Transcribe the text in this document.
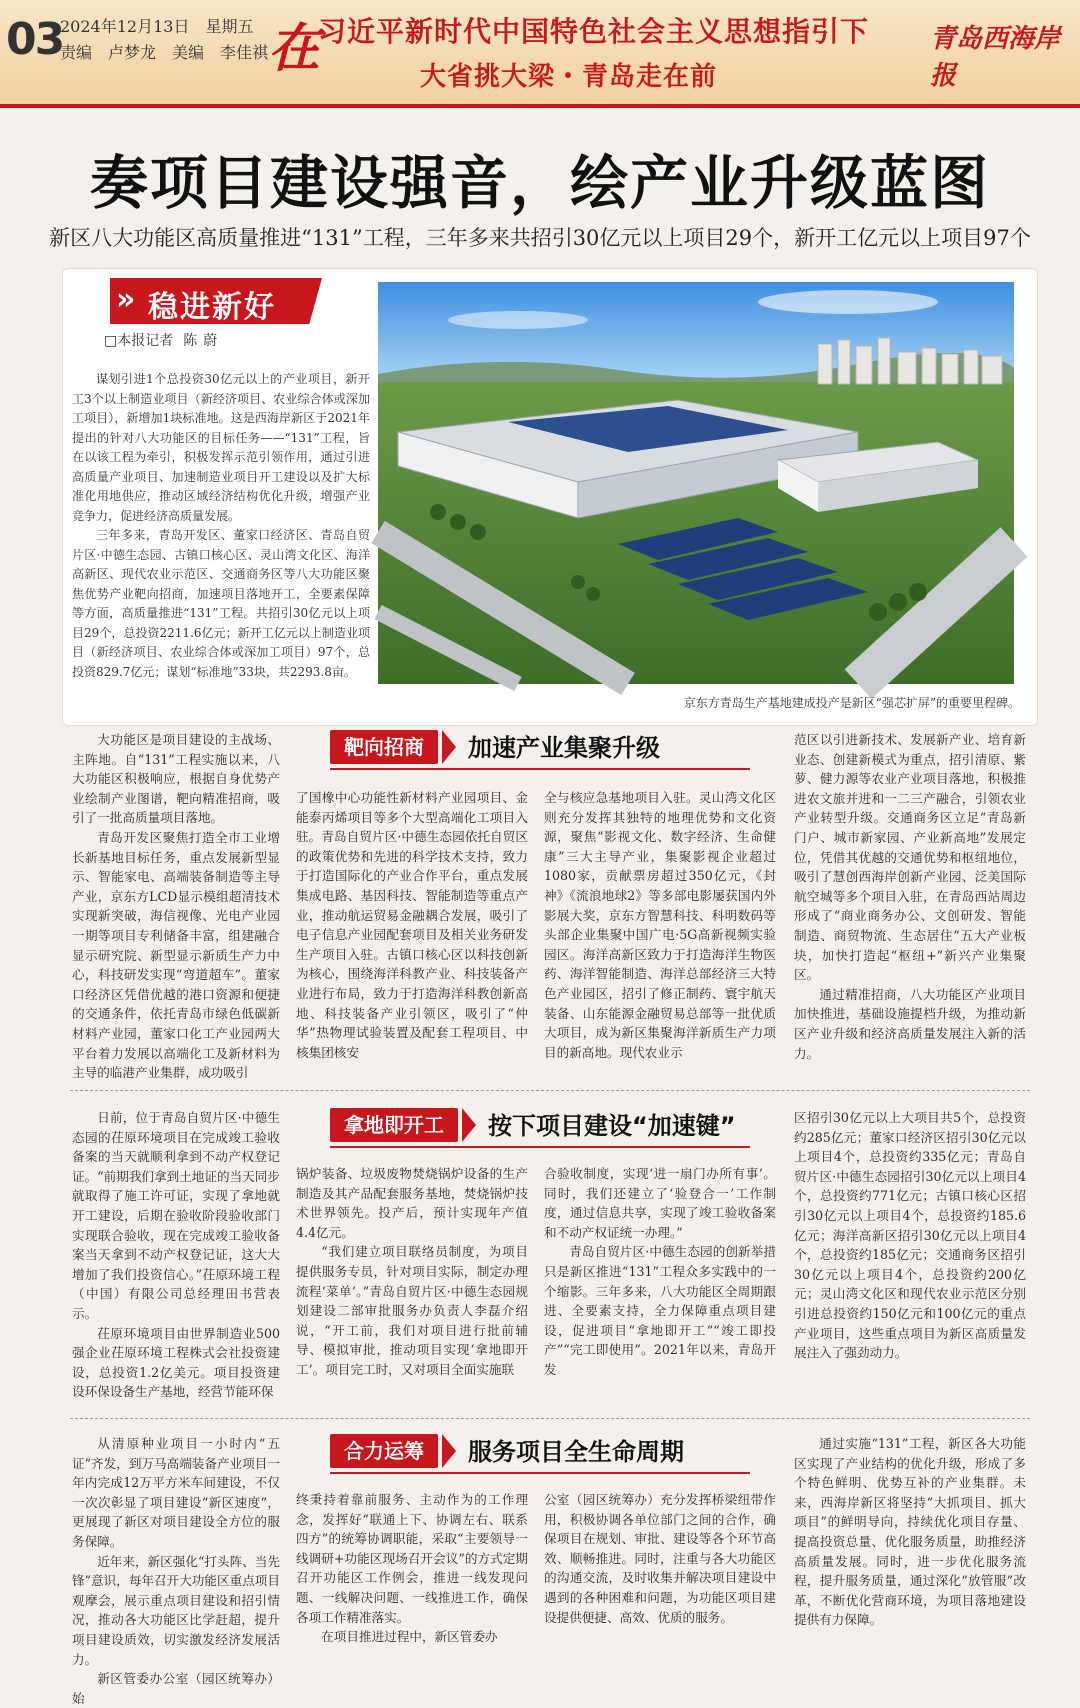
03
2024年12月13日　星期五
责编　卢梦龙　美编　李佳祺 在
习近平新时代中国特色社会主义思想指引下
大省挑大梁・青岛走在前
青岛西海岸报
奏项目建设强音，绘产业升级蓝图
新区八大功能区高质量推进“131”工程，三年多来共招引30亿元以上项目29个，新开工亿元以上项目97个
» 稳进新好
□本报记者 陈蔚

谋划引进1个总投资30亿元以上的产业项目，新开工3个以上制造业项目（新经济项目、农业综合体或深加工项目），新增加1块标准地。这是西海岸新区于2021年提出的针对八大功能区的目标任务——“131”工程，旨在以该工程为牵引，积极发挥示范引领作用，通过引进高质量产业项目、加速制造业项目开工建设以及扩大标准化用地供应，推动区域经济结构优化升级，增强产业竞争力，促进经济高质量发展。

三年多来，青岛开发区、董家口经济区、青岛自贸片区·中德生态园、古镇口核心区、灵山湾文化区、海洋高新区、现代农业示范区、交通商务区等八大功能区聚焦优势产业靶向招商，加速项目落地开工，全要素保障等方面，高质量推进“131”工程。共招引30亿元以上项目29个，总投资2211.6亿元；新开工亿元以上制造业项目（新经济项目、农业综合体或深加工项目）97个，总投资829.7亿元；谋划“标准地”33块，共2293.8亩。

京东方青岛生产基地建成投产是新区“强芯扩屏”的重要里程碑。
靶向招商	加速产业集聚升级

大功能区是项目建设的主战场、主阵地。自“131”工程实施以来，八大功能区积极响应，根据自身优势产业绘制产业图谱，靶向精准招商，吸引了一批高质量项目落地。

青岛开发区聚焦打造全市工业增长新基地目标任务，重点发展新型显示、智能家电、高端装备制造等主导产业，京东方LCD显示模组超清技术实现新突破，海信视像、光电产业园一期等项目专利储备丰富，组建融合显示研究院、新型显示新质生产力中心，科技研发实现“弯道超车”。董家口经济区凭借优越的港口资源和便捷的交通条件，依托青岛市绿色低碳新材料产业园，董家口化工产业园两大平台着力发展以高端化工及新材料为主导的临港产业集群，成功吸引

了国橡中心功能性新材料产业园项目、金能泰丙烯项目等多个大型高端化工项目入驻。青岛自贸片区·中德生态园依托自贸区的政策优势和先进的科学技术支持，致力于打造国际化的产业合作平台，重点发展集成电路、基因科技、智能制造等重点产业，推动航运贸易金融耦合发展，吸引了电子信息产业园配套项目及相关业务研发生产项目入驻。古镇口核心区以科技创新为核心，围绕海洋科教产业、科技装备产业进行布局，致力于打造海洋科教创新高地、科技装备产业引领区，吸引了“仲华”热物理试验装置及配套工程项目、中核集团核安

全与核应急基地项目入驻。灵山湾文化区则充分发挥其独特的地理优势和文化资源，聚焦“影视文化、数字经济、生命健康”三大主导产业，集聚影视企业超过1080家，贡献票房超过350亿元，《封神》《流浪地球2》等多部电影屡获国内外影展大奖，京东方智慧科技、科明数码等头部企业集聚中国广电·5G高新视频实验园区。海洋高新区致力于打造海洋生物医药、海洋智能制造、海洋总部经济三大特色产业园区，招引了修正制药、寰宇航天装备、山东能源金融贸易总部等一批优质大项目，成为新区集聚海洋新质生产力项目的新高地。现代农业示

范区以引进新技术、发展新产业、培育新业态、创建新模式为重点，招引清原、紫萝、健力源等农业产业项目落地，积极推进农文旅并进和一二三产融合，引领农业产业转型升级。交通商务区立足“青岛新门户、城市新家园、产业新高地”发展定位，凭借其优越的交通优势和枢纽地位，吸引了慧创西海岸创新产业园、泛美国际航空城等多个项目入驻，在青岛西站周边形成了“商业商务办公、文创研发、智能制造、商贸物流、生态居住”五大产业板块，加快打造起“枢纽+”新兴产业集聚区。

通过精准招商，八大功能区产业项目加快推进，基础设施提档升级，为推动新区产业升级和经济高质量发展注入新的活力。

拿地即开工	按下项目建设“加速键”

日前，位于青岛自贸片区·中德生态园的茌原环境项目在完成竣工验收备案的当天就顺利拿到不动产权登记证。“前期我们拿到土地证的当天同步就取得了施工许可证，实现了拿地就开工建设，后期在验收阶段验收部门实现联合验收，现在完成竣工验收备案当天拿到不动产权登记证，这大大增加了我们投资信心。”茌原环境工程（中国）有限公司总经理田书营表示。

茌原环境项目由世界制造业500强企业茌原环境工程株式会社投资建设，总投资1.2亿美元。项目投资建设环保设备生产基地，经营节能环保

锅炉装备、垃圾废物焚烧锅炉设备的生产制造及其产品配套服务基地，焚烧锅炉技术世界领先。投产后，预计实现年产值4.4亿元。

“我们建立项目联络员制度，为项目提供服务专员，针对项目实际，制定办理流程‘菜单’。”青岛自贸片区·中德生态园规划建设二部审批服务办负责人李磊介绍说，“开工前，我们对项目进行批前辅导、模拟审批，推动项目实现‘拿地即开工’。项目完工时，又对项目全面实施联

合验收制度，实现‘进一扇门办所有事’。同时，我们还建立了‘验登合一’工作制度，通过信息共享，实现了竣工验收备案和不动产权证统一办理。”

青岛自贸片区·中德生态园的创新举措只是新区推进“131”工程众多实践中的一个缩影。三年多来，八大功能区全周期跟进、全要素支持，全力保障重点项目建设，促进项目“拿地即开工”“竣工即投产”“完工即使用”。2021年以来，青岛开发

区招引30亿元以上大项目共5个，总投资约285亿元；董家口经济区招引30亿元以上项目4个，总投资约335亿元；青岛自贸片区·中德生态园招引30亿元以上项目4个，总投资约771亿元；古镇口核心区招引30亿元以上项目4个，总投资约185.6亿元；海洋高新区招引30亿元以上项目4个，总投资约185亿元；交通商务区招引30亿元以上项目4个，总投资约200亿元；灵山湾文化区和现代农业示范区分别引进总投资约150亿元和100亿元的重点产业项目，这些重点项目为新区高质量发展注入了强劲动力。

合力运筹	服务项目全生命周期

从清原种业项目一小时内“五证”齐发，到万马高端装备产业项目一年内完成12万平方米车间建设，不仅一次次彰显了项目建设“新区速度”，更展现了新区对项目建设全方位的服务保障。

近年来，新区强化“打头阵、当先锋”意识，每年召开大功能区重点项目观摩会，展示重点项目建设和招引情况，推动各大功能区比学赶超，提升项目建设质效，切实激发经济发展活力。

新区管委办公室（园区统筹办）始

终秉持着靠前服务、主动作为的工作理念，发挥好“联通上下、协调左右、联系四方”的统筹协调职能，采取“主要领导一线调研+功能区现场召开会议”的方式定期召开功能区工作例会，推进一线发现问题、一线解决问题、一线推进工作，确保各项工作精准落实。

在项目推进过程中，新区管委办

公室（园区统筹办）充分发挥桥梁纽带作用，积极协调各单位部门之间的合作，确保项目在规划、审批、建设等各个环节高效、顺畅推进。同时，注重与各大功能区的沟通交流，及时收集并解决项目建设中遇到的各种困难和问题，为功能区项目建设提供便捷、高效、优质的服务。

通过实施“131”工程，新区各大功能区实现了产业结构的优化升级，形成了多个特色鲜明、优势互补的产业集群。未来，西海岸新区将坚持“大抓项目、抓大项目”的鲜明导向，持续优化项目存量、提高投资总量、优化服务质量，助推经济高质量发展。同时，进一步优化服务流程，提升服务质量，通过深化“放管服”改革，不断优化营商环境，为项目落地建设提供有力保障。
